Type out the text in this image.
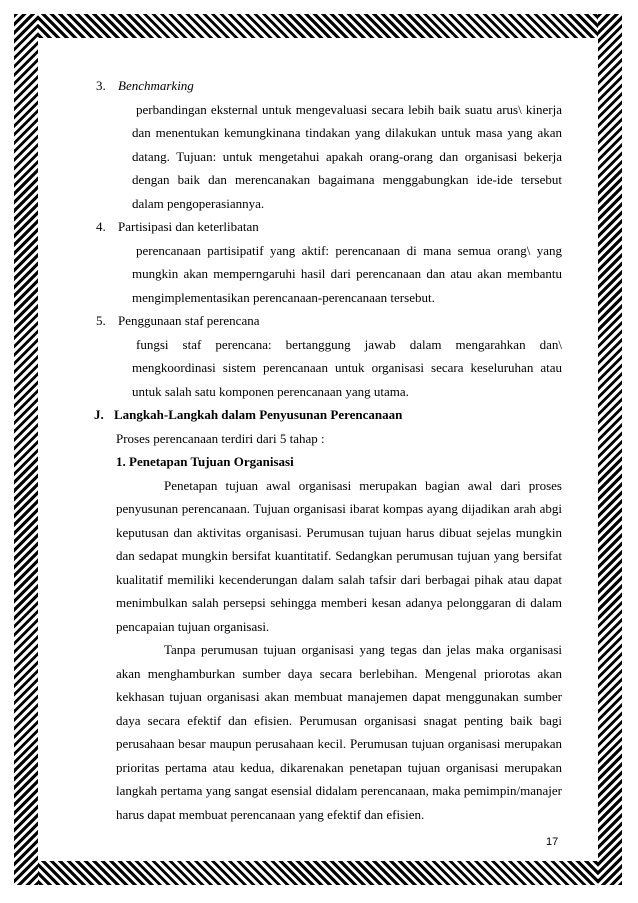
3. Benchmarking
perbandingan eksternal untuk mengevaluasi secara lebih baik suatu arus\ kinerja dan menentukan kemungkinana tindakan yang dilakukan untuk masa yang akan datang. Tujuan: untuk mengetahui apakah orang-orang dan organisasi bekerja dengan baik dan merencanakan bagaimana menggabungkan ide-ide tersebut dalam pengoperasiannya.
4. Partisipasi dan keterlibatan
perencanaan partisipatif yang aktif: perencanaan di mana semua orang\ yang mungkin akan memperngaruhi hasil dari perencanaan dan atau akan membantu mengimplementasikan perencanaan-perencanaan tersebut.
5. Penggunaan staf perencana
fungsi staf perencana: bertanggung jawab dalam mengarahkan dan\ mengkoordinasi sistem perencanaan untuk organisasi secara keseluruhan atau untuk salah satu komponen perencanaan yang utama.
J. Langkah-Langkah dalam Penyusunan Perencanaan
Proses perencanaan terdiri dari 5 tahap :
1. Penetapan Tujuan Organisasi
Penetapan tujuan awal organisasi merupakan bagian awal dari proses penyusunan perencanaan. Tujuan organisasi ibarat kompas ayang dijadikan arah abgi keputusan dan aktivitas organisasi. Perumusan tujuan harus dibuat sejelas mungkin dan sedapat mungkin bersifat kuantitatif. Sedangkan perumusan tujuan yang bersifat kualitatif memiliki kecenderungan dalam salah tafsir dari berbagai pihak atau dapat menimbulkan salah persepsi sehingga memberi kesan adanya pelonggaran di dalam pencapaian tujuan organisasi.
Tanpa perumusan tujuan organisasi yang tegas dan jelas maka organisasi akan menghamburkan sumber daya secara berlebihan. Mengenal priorotas akan kekhasan tujuan organisasi akan membuat manajemen dapat menggunakan sumber daya secara efektif dan efisien. Perumusan organisasi snagat penting baik bagi perusahaan besar maupun perusahaan kecil. Perumusan tujuan organisasi merupakan prioritas pertama atau kedua, dikarenakan penetapan tujuan organisasi merupakan langkah pertama yang sangat esensial didalam perencanaan, maka pemimpin/manajer harus dapat membuat perencanaan yang efektif dan efisien.
17
